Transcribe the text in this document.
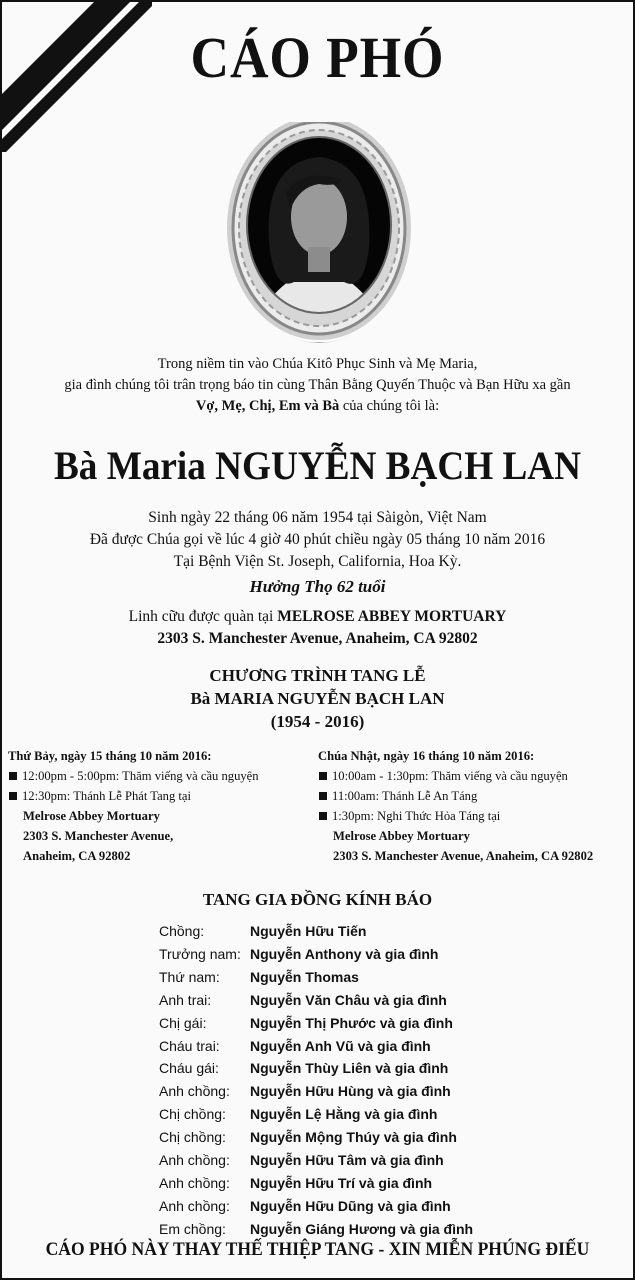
CÁO PHÓ
Trong niềm tin vào Chúa Kitô Phục Sinh và Mẹ Maria,
gia đình chúng tôi trân trọng báo tin cùng Thân Bằng Quyến Thuộc và Bạn Hữu xa gần
Vợ, Mẹ, Chị, Em và Bà của chúng tôi là:
Bà Maria NGUYỄN BẠCH LAN
Sinh ngày 22 tháng 06 năm 1954 tại Sàigòn, Việt Nam
Đã được Chúa gọi về lúc 4 giờ 40 phút chiều ngày 05 tháng 10 năm 2016
Tại Bệnh Viện St. Joseph, California, Hoa Kỳ.
Hưởng Thọ 62 tuổi
Linh cữu được quàn tại MELROSE ABBEY MORTUARY
2303 S. Manchester Avenue, Anaheim, CA 92802
CHƯƠNG TRÌNH TANG LỄ
Bà MARIA NGUYỄN BẠCH LAN
(1954 - 2016)
Thứ Bảy, ngày 15 tháng 10 năm 2016:
12:00pm - 5:00pm: Thăm viếng và cầu nguyện
12:30pm: Thánh Lễ Phát Tang tại
Melrose Abbey Mortuary
2303 S. Manchester Avenue,
Anaheim, CA 92802
Chúa Nhật, ngày 16 tháng 10 năm 2016:
10:00am - 1:30pm: Thăm viếng và cầu nguyện
11:00am: Thánh Lễ An Táng
1:30pm: Nghi Thức Hỏa Táng tại
Melrose Abbey Mortuary
2303 S. Manchester Avenue, Anaheim, CA 92802
TANG GIA ĐỒNG KÍNH BÁO
Chồng:	Nguyễn Hữu Tiến
Trưởng nam: Nguyễn Anthony và gia đình
Thứ nam:	Nguyễn Thomas
Anh trai:	Nguyễn Văn Châu và gia đình
Chị gái:	Nguyễn Thị Phước và gia đình
Cháu trai:	Nguyễn Anh Vũ và gia đình
Cháu gái:	Nguyễn Thùy Liên và gia đình
Anh chồng:	Nguyễn Hữu Hùng và gia đình
Chị chồng:	Nguyễn Lệ Hằng và gia đình
Chị chồng:	Nguyễn Mộng Thúy và gia đình
Anh chồng:	Nguyễn Hữu Tâm và gia đình
Anh chồng:	Nguyễn Hữu Trí và gia đình
Anh chồng:	Nguyễn Hữu Dũng và gia đình
Em chồng:	Nguyễn Giáng Hương và gia đình
CÁO PHÓ NÀY THAY THẾ THIỆP TANG - XIN MIỄN PHÚNG ĐIẾU
